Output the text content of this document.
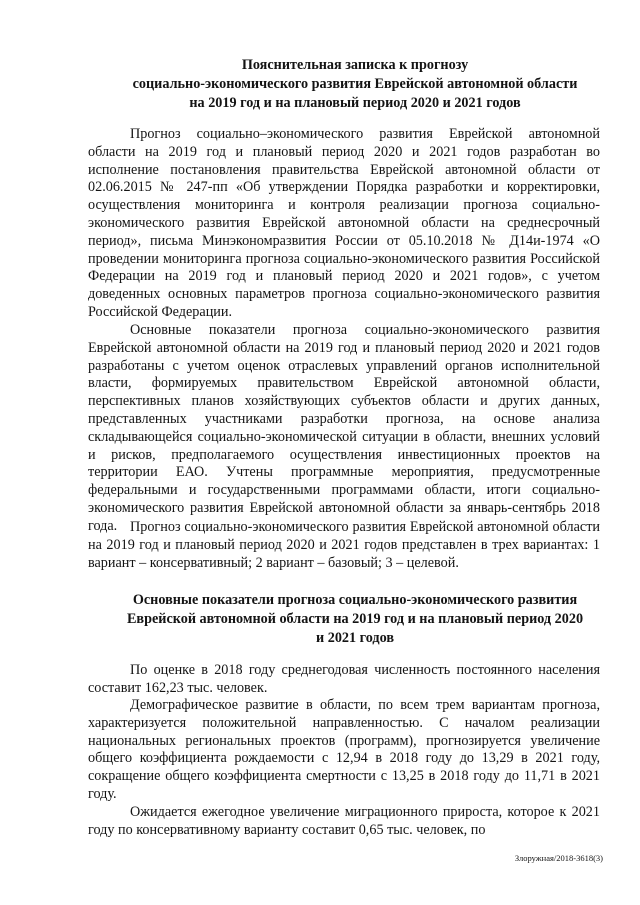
Пояснительная записка к прогнозу
социально-экономического развития Еврейской автономной области
на 2019 год и на плановый период 2020 и 2021 годов
Прогноз социально–экономического развития Еврейской автономной области на 2019 год и плановый период 2020 и 2021 годов разработан во исполнение постановления правительства Еврейской автономной области от 02.06.2015 № 247-пп «Об утверждении Порядка разработки и корректировки, осуществления мониторинга и контроля реализации прогноза социально-экономического развития Еврейской автономной области на среднесрочный период», письма Минэкономразвития России от 05.10.2018 № Д14и-1974 «О проведении мониторинга прогноза социально-экономического развития Российской Федерации на 2019 год и плановый период 2020 и 2021 годов», с учетом доведенных основных параметров прогноза социально-экономического развития Российской Федерации.
Основные показатели прогноза социально-экономического развития Еврейской автономной области на 2019 год и плановый период 2020 и 2021 годов разработаны с учетом оценок отраслевых управлений органов исполнительной власти, формируемых правительством Еврейской автономной области, перспективных планов хозяйствующих субъектов области и других данных, представленных участниками разработки прогноза, на основе анализа складывающейся социально-экономической ситуации в области, внешних условий и рисков, предполагаемого осуществления инвестиционных проектов на территории ЕАО. Учтены программные мероприятия, предусмотренные федеральными и государственными программами области, итоги социально-экономического развития Еврейской автономной области за январь-сентябрь 2018 года. Прогноз социально-экономического развития Еврейской автономной области на 2019 год и плановый период 2020 и 2021 годов представлен в трех вариантах: 1 вариант – консервативный; 2 вариант – базовый; 3 – целевой.
Основные показатели прогноза социально-экономического развития
Еврейской автономной области на 2019 год и на плановый период 2020
и 2021 годов
По оценке в 2018 году среднегодовая численность постоянного населения составит 162,23 тыс. человек.
Демографическое развитие в области, по всем трем вариантам прогноза, характеризуется положительной направленностью. С началом реализации национальных региональных проектов (программ), прогнозируется увеличение общего коэффициента рождаемости с 12,94 в 2018 году до 13,29 в 2021 году, сокращение общего коэффициента смертности с 13,25 в 2018 году до 11,71 в 2021 году.
Ожидается ежегодное увеличение миграционного прироста, которое к 2021 году по консервативному варианту составит 0,65 тыс. человек, по
Злоружная/2018-3618(3)
